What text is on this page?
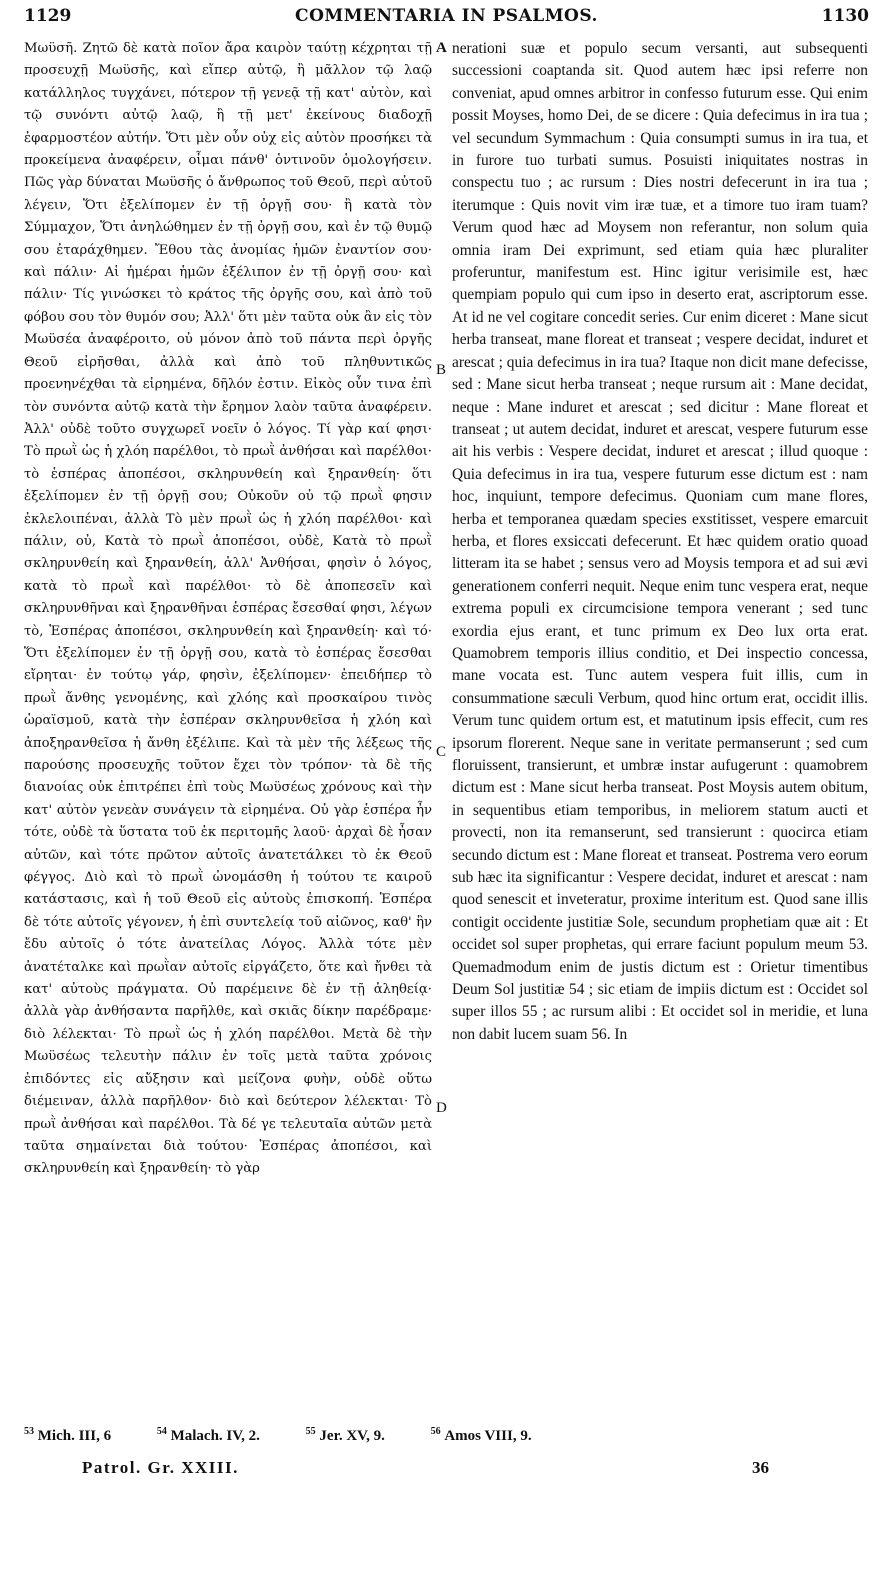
1129	COMMENTARIA IN PSALMOS.	1130

Μωϋσῆ. Ζητῶ δὲ κατὰ ποῖον ἄρα καιρὸν ταύτῃ κέχρηται τῇ προσευχῇ Μωϋσῆς, καὶ εἴπερ αὐτῷ, ἢ μᾶλλον τῷ λαῷ κατάλληλος τυγχάνει, πότερον τῇ γενεᾷ τῇ κατ' αὐτὸν, καὶ τῷ συνόντι αὐτῷ λαῷ, ἢ τῇ μετ' ἐκείνους διαδοχῇ ἐφαρμοστέον αὐτήν. Ὅτι μὲν οὖν οὐχ εἰς αὐτὸν προσήκει τὰ προκείμενα ἀναφέρειν, οἶμαι πάνθ' ὁντινοῦν ὁμολογήσειν. Πῶς γὰρ δύναται Μωϋσῆς ὁ ἄνθρωπος τοῦ Θεοῦ, περὶ αὐτοῦ λέγειν, Ὅτι ἐξελίπομεν ἐν τῇ ὀργῇ σου· ἢ κατὰ τὸν Σύμμαχον, Ὅτι ἀνηλώθημεν ἐν τῇ ὀργῇ σου, καὶ ἐν τῷ θυμῷ σου ἐταράχθημεν. Ἔθου τὰς ἀνομίας ἡμῶν ἐναντίον σου· καὶ πάλιν· Αἱ ἡμέραι ἡμῶν ἐξέλιπον ἐν τῇ ὀργῇ σου· καὶ πάλιν· Τίς γινώσκει τὸ κράτος τῆς ὀργῆς σου, καὶ ἀπὸ τοῦ φόβου σου τὸν θυμόν σου; Ἀλλ' ὅτι μὲν ταῦτα οὐκ ἂν εἰς τὸν Μωϋσέα ἀναφέροιτο, οὐ μόνον ἀπὸ τοῦ πάντα περὶ ὀργῆς Θεοῦ εἰρῆσθαι, ἀλλὰ καὶ ἀπὸ τοῦ πληθυντικῶς προενηνέχθαι τὰ εἰρημένα, δῆλόν ἐστιν. Εἰκὸς οὖν τινα ἐπὶ τὸν συνόντα αὐτῷ κατὰ τὴν ἔρημον λαὸν ταῦτα ἀναφέρειν. Ἀλλ' οὐδὲ τοῦτο συγχωρεῖ νοεῖν ὁ λόγος. Τί γὰρ καί φησι· Τὸ πρωῒ ὡς ἡ χλόη παρέλθοι, τὸ πρωῒ ἀνθήσαι καὶ παρέλθοι· τὸ ἑσπέρας ἀποπέσοι, σκληρυνθείη καὶ ξηρανθείη· ὅτι ἐξελίπομεν ἐν τῇ ὀργῇ σου; Οὐκοῦν οὐ τῷ πρωῒ φησιν ἐκλελοιπέναι, ἀλλὰ Τὸ μὲν πρωῒ ὡς ἡ χλόη παρέλθοι· καὶ πάλιν, οὐ, Κατὰ τὸ πρωῒ ἀποπέσοι, οὐδὲ, Κατὰ τὸ πρωῒ σκληρυνθείη καὶ ξηρανθείη, ἀλλ' Ἀνθήσαι, φησὶν ὁ λόγος, κατὰ τὸ πρωῒ καὶ παρέλθοι· τὸ δὲ ἀποπεσεῖν καὶ σκληρυνθῆναι καὶ ξηρανθῆναι ἑσπέρας ἔσεσθαί φησι, λέγων τὸ, Ἑσπέρας ἀποπέσοι, σκληρυνθείη καὶ ξηρανθείη· καὶ τό· Ὅτι ἐξελίπομεν ἐν τῇ ὀργῇ σου, κατὰ τὸ ἑσπέρας ἔσεσθαι εἴρηται· ἐν τούτῳ γάρ, φησὶν, ἐξελίπομεν· ἐπειδήπερ τὸ πρωῒ ἄνθης γενομένης, καὶ χλόης καὶ προσκαίρου τινὸς ὡραϊσμοῦ, κατὰ τὴν ἑσπέραν σκληρυνθεῖσα ἡ χλόη καὶ ἀποξηρανθεῖσα ἡ ἄνθη ἐξέλιπε. Καὶ τὰ μὲν τῆς λέξεως τῆς παρούσης προσευχῆς τοῦτον ἔχει τὸν τρόπον· τὰ δὲ τῆς διανοίας οὐκ ἐπιτρέπει ἐπὶ τοὺς Μωϋσέως χρόνους καὶ τὴν κατ' αὐτὸν γενεὰν συνάγειν τὰ εἰρημένα. Οὐ γὰρ ἑσπέρα ἦν τότε, οὐδὲ τὰ ὕστατα τοῦ ἐκ περιτομῆς λαοῦ· ἀρχαὶ δὲ ἦσαν αὐτῶν, καὶ τότε πρῶτον αὐτοῖς ἀνατετάλκει τὸ ἐκ Θεοῦ φέγγος. Διὸ καὶ τὸ πρωῒ ὠνομάσθη ἡ τούτου τε καιροῦ κατάστασις, καὶ ἡ τοῦ Θεοῦ εἰς αὐτοὺς ἐπισκοπή. Ἑσπέρα δὲ τότε αὐτοῖς γέγονεν, ἡ ἐπὶ συντελείᾳ τοῦ αἰῶνος, καθ' ἣν ἔδυ αὐτοῖς ὁ τότε ἀνατείλας Λόγος. Ἀλλὰ τότε μὲν ἀνατέταλκε καὶ πρωῒαν αὐτοῖς εἰργάζετο, ὅτε καὶ ἤνθει τὰ κατ' αὐτοὺς πράγματα. Οὐ παρέμεινε δὲ ἐν τῇ ἀληθείᾳ· ἀλλὰ γὰρ ἀνθήσαντα παρῆλθε, καὶ σκιᾶς δίκην παρέδραμε· διὸ λέλεκται· Τὸ πρωῒ ὡς ἡ χλόη παρέλθοι. Μετὰ δὲ τὴν Μωϋσέως τελευτὴν πάλιν ἐν τοῖς μετὰ ταῦτα χρόνοις ἐπιδόντες εἰς αὔξησιν καὶ μείζονα φυὴν, οὐδὲ οὕτω διέμειναν, ἀλλὰ παρῆλθον· διὸ καὶ δεύτερον λέλεκται· Τὸ πρωῒ ἀνθήσαι καὶ παρέλθοι. Τὰ δέ γε τελευταῖα αὐτῶν μετὰ ταῦτα σημαίνεται διὰ τούτου· Ἑσπέρας ἀποπέσοι, καὶ σκληρυνθείη καὶ ξηρανθείη· τὸ γὰρ

A
B
C
D

nerationi suæ et populo secum versanti, aut subsequenti successioni coaptanda sit. Quod autem hæc ipsi referre non conveniat, apud omnes arbitror in confesso futurum esse. Qui enim possit Moyses, homo Dei, de se dicere : Quia defecimus in ira tua ; vel secundum Symmachum : Quia consumpti sumus in ira tua, et in furore tuo turbati sumus. Posuisti iniquitates nostras in conspectu tuo ; ac rursum : Dies nostri defecerunt in ira tua ; iterumque : Quis novit vim iræ tuæ, et a timore tuo iram tuam? Verum quod hæc ad Moysem non referantur, non solum quia omnia iram Dei exprimunt, sed etiam quia hæc pluraliter proferuntur, manifestum est. Hinc igitur verisimile est, hæc quempiam populo qui cum ipso in deserto erat, ascriptorum esse. At id ne vel cogitare concedit series. Cur enim diceret : Mane sicut herba transeat, mane floreat et transeat ; vespere decidat, induret et arescat ; quia defecimus in ira tua? Itaque non dicit mane defecisse, sed : Mane sicut herba transeat ; neque rursum ait : Mane decidat, neque : Mane induret et arescat ; sed dicitur : Mane floreat et transeat ; ut autem decidat, induret et arescat, vespere futurum esse ait his verbis : Vespere decidat, induret et arescat ; illud quoque : Quia defecimus in ira tua, vespere futurum esse dictum est : nam hoc, inquiunt, tempore defecimus. Quoniam cum mane flores, herba et temporanea quædam species exstitisset, vespere emarcuit herba, et flores exsiccati defecerunt. Et hæc quidem oratio quoad litteram ita se habet ; sensus vero ad Moysis tempora et ad sui ævi generationem conferri nequit. Neque enim tunc vespera erat, neque extrema populi ex circumcisione tempora venerant ; sed tunc exordia ejus erant, et tunc primum ex Deo lux orta erat. Quamobrem temporis illius conditio, et Dei inspectio concessa, mane vocata est. Tunc autem vespera fuit illis, cum in consummatione sæculi Verbum, quod hinc ortum erat, occidit illis. Verum tunc quidem ortum est, et matutinum ipsis effecit, cum res ipsorum florerent. Neque sane in veritate permanserunt ; sed cum floruissent, transierunt, et umbræ instar aufugerunt : quamobrem dictum est : Mane sicut herba transeat. Post Moysis autem obitum, in sequentibus etiam temporibus, in meliorem statum aucti et provecti, non ita remanserunt, sed transierunt : quocirca etiam secundo dictum est : Mane floreat et transeat. Postrema vero eorum sub hæc ita significantur : Vespere decidat, induret et arescat : nam quod senescit et inveteratur, proxime interitum est. Quod sane illis contigit occidente justitiæ Sole, secundum prophetiam quæ ait : Et occidet sol super prophetas, qui errare faciunt populum meum 53. Quemadmodum enim de justis dictum est : Orietur timentibus Deum Sol justitiæ 54 ; sic etiam de impiis dictum est : Occidet sol super illos 55 ; ac rursum alibi : Et occidet sol in meridie, et luna non dabit lucem suam 56. In

$^{53}$ Mich. III, 6	$^{54}$ Malach. IV, 2.	$^{55}$ Jer. XV, 9.	$^{56}$ Amos VIII, 9.
Patrol. Gr. XXIII.	36
